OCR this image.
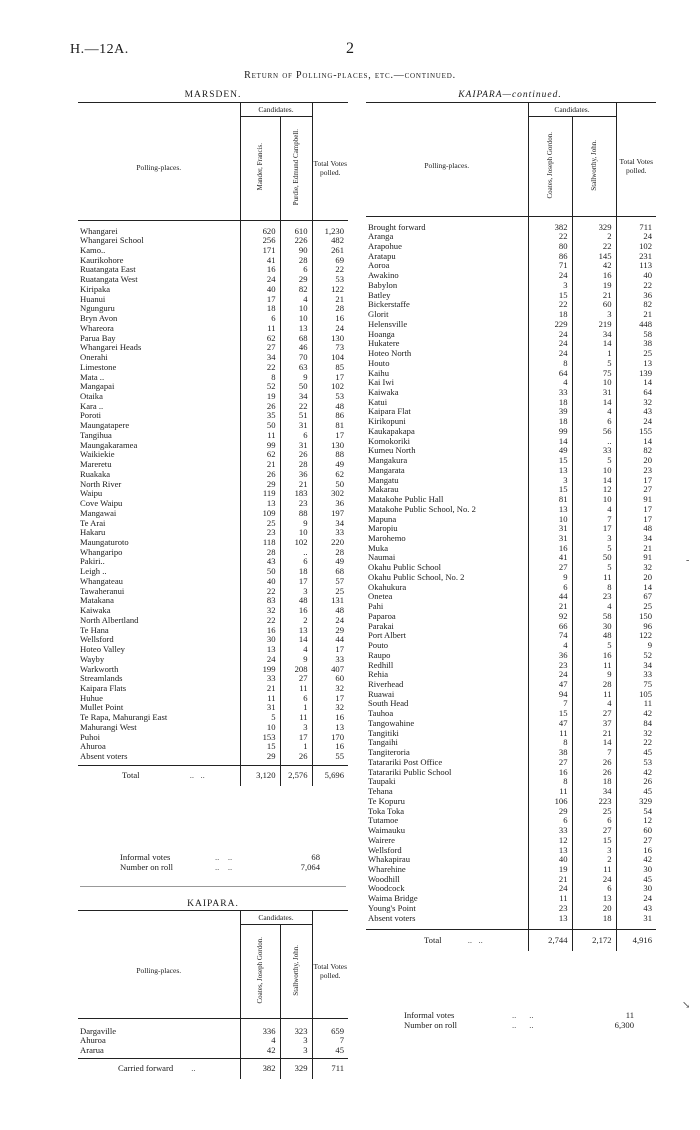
H.—12A.	2
Return of Polling-places, etc.—continued.
MARSDEN.	KAIPARA—continued.
	Candidates.		
Polling-places.	Mander, Francis.	Purdie, Edmund Campbell.	Total Votes polled.

Whangarei	620	610	1,230
Whangarei School	256	226	482
Kamo..	171	90	261
Kaurikohore	41	28	69
Ruatangata East	16	6	22
Ruatangata West	24	29	53
Kiripaka	40	82	122
Huanui	17	4	21
Ngunguru	18	10	28
Bryn Avon	6	10	16
Whareora	11	13	24
Parua Bay	62	68	130
Whangarei Heads	27	46	73
Onerahi	34	70	104
Limestone	22	63	85
Mata ..	8	9	17
Mangapai	52	50	102
Otaika	19	34	53
Kara ..	26	22	48
Poroti	35	51	86
Maungatapere	50	31	81
Tangihua	11	6	17
Maungakaramea	99	31	130
Waikiekie	62	26	88
Mareretu	21	28	49
Ruakaka	26	36	62
North River	29	21	50
Waipu	119	183	302
Cove Waipu	13	23	36
Mangawai	109	88	197
Te Arai	25	9	34
Hakaru	23	10	33
Maungaturoto	118	102	220
Whangaripo	28	..	28
Pakiri..	43	6	49
Leigh ..	50	18	68
Whangateau	40	17	57
Tawaheranui	22	3	25
Matakana	83	48	131
Kaiwaka	32	16	48
North Albertland	22	2	24
Te Hana	16	13	29
Wellsford	30	14	44
Hoteo Valley	13	4	17
Wayby	24	9	33
Warkworth	199	208	407
Streamlands	33	27	60
Kaipara Flats	21	11	32
Huhue	11	6	17
Mullet Point	31	1	32
Te Rapa, Mahurangi East	5	11	16
Mahurangi West	10	3	13
Puhoi	153	17	170
Ahuroa	15	1	16
Absent voters	29	26	55

Total ..   ..	3,120	2,576	5,696
Informal votes	..    ..	68
Number on roll	..    ..	7,064
KAIPARA.
	Candidates.		
Polling-places.	Coates, Joseph Gordon.	Stallworthy, John.	Total Votes polled.

Dargaville	336	323	659
Ahuroa	4	3	7
Ararua	42	3	45

Carried forward ..	382	329	711
	Candidates.		
Polling-places.	Coates, Joseph Gordon.	Stallworthy, John.	Total Votes polled.

Brought forward	382	329	711
Aranga	22	2	24
Arapohue	80	22	102
Aratapu	86	145	231
Aoroa	71	42	113
Awakino	24	16	40
Babylon	3	19	22
Batley	15	21	36
Bickerstaffe	22	60	82
Glorit	18	3	21
Helensville	229	219	448
Hoanga	24	34	58
Hukatere	24	14	38
Hoteo North	24	1	25
Houto	8	5	13
Kaihu	64	75	139
Kai Iwi	4	10	14
Kaiwaka	33	31	64
Katui	18	14	32
Kaipara Flat	39	4	43
Kirikopuni	18	6	24
Kaukapakapa	99	56	155
Komokoriki	14	..	14
Kumeu North	49	33	82
Mangakura	15	5	20
Mangarata	13	10	23
Mangatu	3	14	17
Makarau	15	12	27
Matakohe Public Hall	81	10	91
Matakohe Public School, No. 2	13	4	17
Mapuna	10	7	17
Maropiu	31	17	48
Marohemo	31	3	34
Muka	16	5	21
Naumai	41	50	91
Okahu Public School	27	5	32
Okahu Public School, No. 2	9	11	20
Okahukura	6	8	14
Onetea	44	23	67
Pahi	21	4	25
Paparoa	92	58	150
Parakai	66	30	96
Port Albert	74	48	122
Pouto	4	5	9
Raupo	36	16	52
Redhill	23	11	34
Rehia	24	9	33
Riverhead	47	28	75
Ruawai	94	11	105
South Head	7	4	11
Tauhoa	15	27	42
Tangowahine	47	37	84
Tangitiki	11	21	32
Tangaihi	8	14	22
Tangiteroria	38	7	45
Tatarariki Post Office	27	26	53
Tatarariki Public School	16	26	42
Taupaki	8	18	26
Tehana	11	34	45
Te Kopuru	106	223	329
Toka Toka	29	25	54
Tutamoe	6	6	12
Waimauku	33	27	60
Wairere	12	15	27
Wellsford	13	3	16
Whakapirau	40	2	42
Wharehine	19	11	30
Woodhill	21	24	45
Woodcock	24	6	30
Waima Bridge	11	13	24
Young's Point	23	20	43
Absent voters	13	18	31

Total ..   ..	2,744	2,172	4,916
Informal votes	..      ..	11
Number on roll	..      ..	6,300
-
↘
